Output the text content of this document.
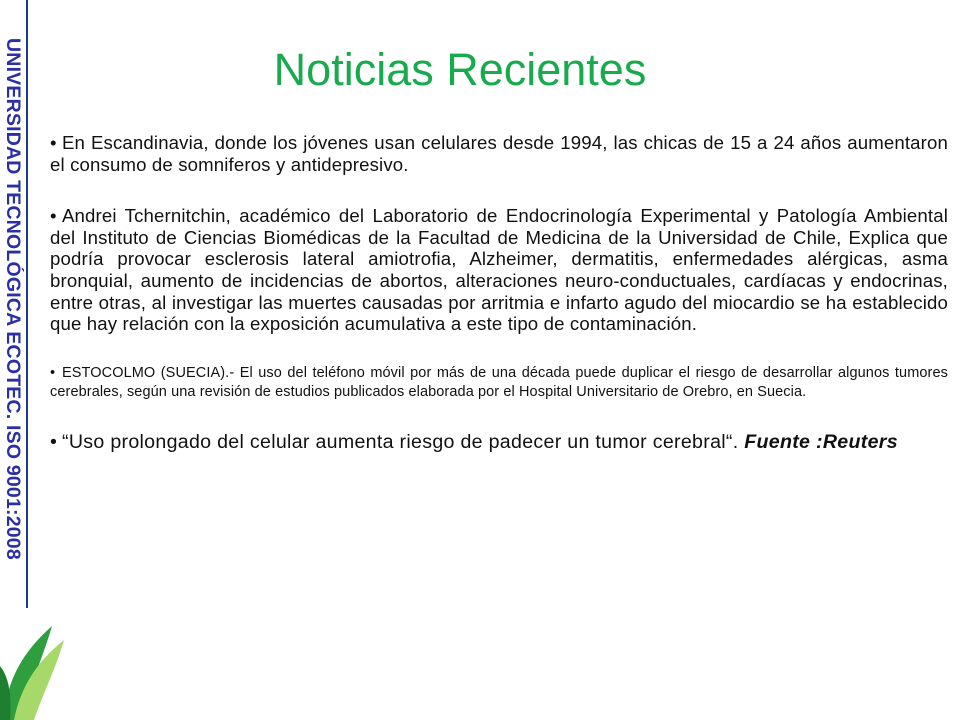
UNIVERSIDAD TECNOLÓGICA ECOTEC. ISO 9001:2008	Noticias Recientes

• En Escandinavia, donde los jóvenes usan celulares desde 1994, las chicas de 15 a 24 años aumentaron el consumo de somniferos y antidepresivo.

• Andrei Tchernitchin, académico del Laboratorio de Endocrinología Experimental y Patología Ambiental del Instituto de Ciencias Biomédicas de la Facultad de Medicina de la Universidad de Chile, Explica que podría provocar esclerosis lateral amiotrofia, Alzheimer, dermatitis, enfermedades alérgicas, asma bronquial, aumento de incidencias de abortos, alteraciones neuro-conductuales, cardíacas y endocrinas, entre otras, al investigar las muertes causadas por arritmia e infarto agudo del miocardio se ha establecido que hay relación con la exposición acumulativa a este tipo de contaminación.

• ESTOCOLMO (SUECIA).- El uso del teléfono móvil por más de una década puede duplicar el riesgo de desarrollar algunos tumores cerebrales, según una revisión de estudios publicados elaborada por el Hospital Universitario de Orebro, en Suecia.

• “Uso prolongado del celular aumenta riesgo de padecer un tumor cerebral“. Fuente :Reuters
